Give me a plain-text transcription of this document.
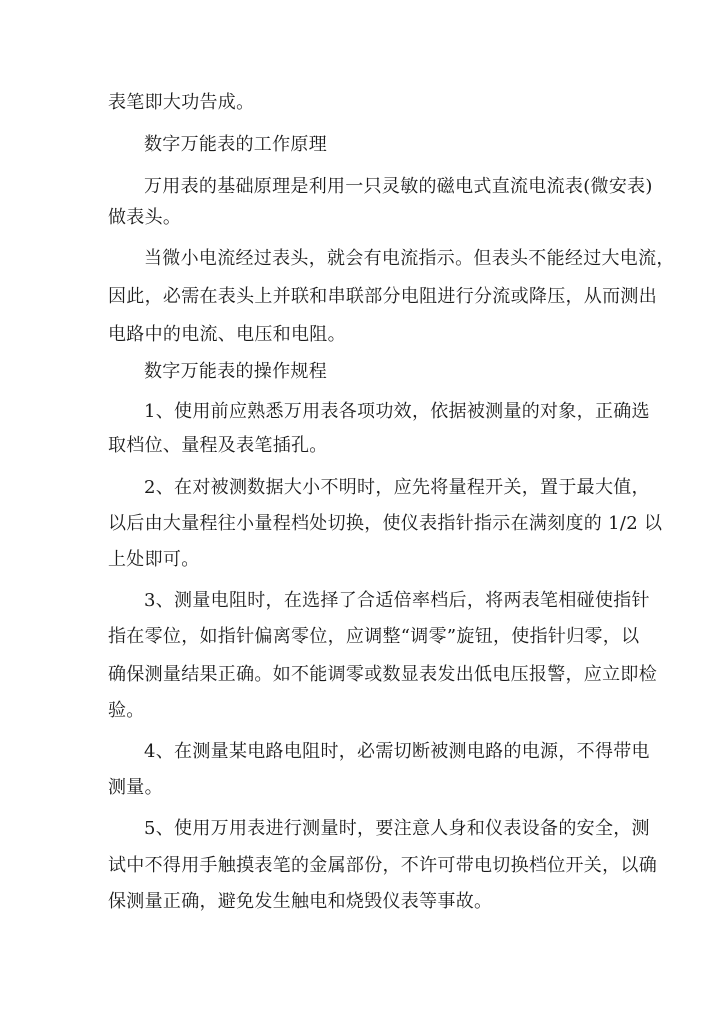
表笔即大功告成。
数字万能表的工作原理
万用表的基础原理是利用一只灵敏的磁电式直流电流表(微安表)
做表头。
当微小电流经过表头，就会有电流指示。但表头不能经过大电流，
因此，必需在表头上并联和串联部分电阻进行分流或降压，从而测出
电路中的电流、电压和电阻。
数字万能表的操作规程
1、使用前应熟悉万用表各项功效，依据被测量的对象，正确选
取档位、量程及表笔插孔。
2、在对被测数据大小不明时，应先将量程开关，置于最大值，
以后由大量程往小量程档处切换，使仪表指针指示在满刻度的 1/2 以
上处即可。
3、测量电阻时，在选择了合适倍率档后，将两表笔相碰使指针
指在零位，如指针偏离零位，应调整“调零”旋钮，使指针归零，以
确保测量结果正确。如不能调零或数显表发出低电压报警，应立即检
验。
4、在测量某电路电阻时，必需切断被测电路的电源，不得带电
测量。
5、使用万用表进行测量时，要注意人身和仪表设备的安全，测
试中不得用手触摸表笔的金属部份，不许可带电切换档位开关，以确
保测量正确，避免发生触电和烧毁仪表等事故。
